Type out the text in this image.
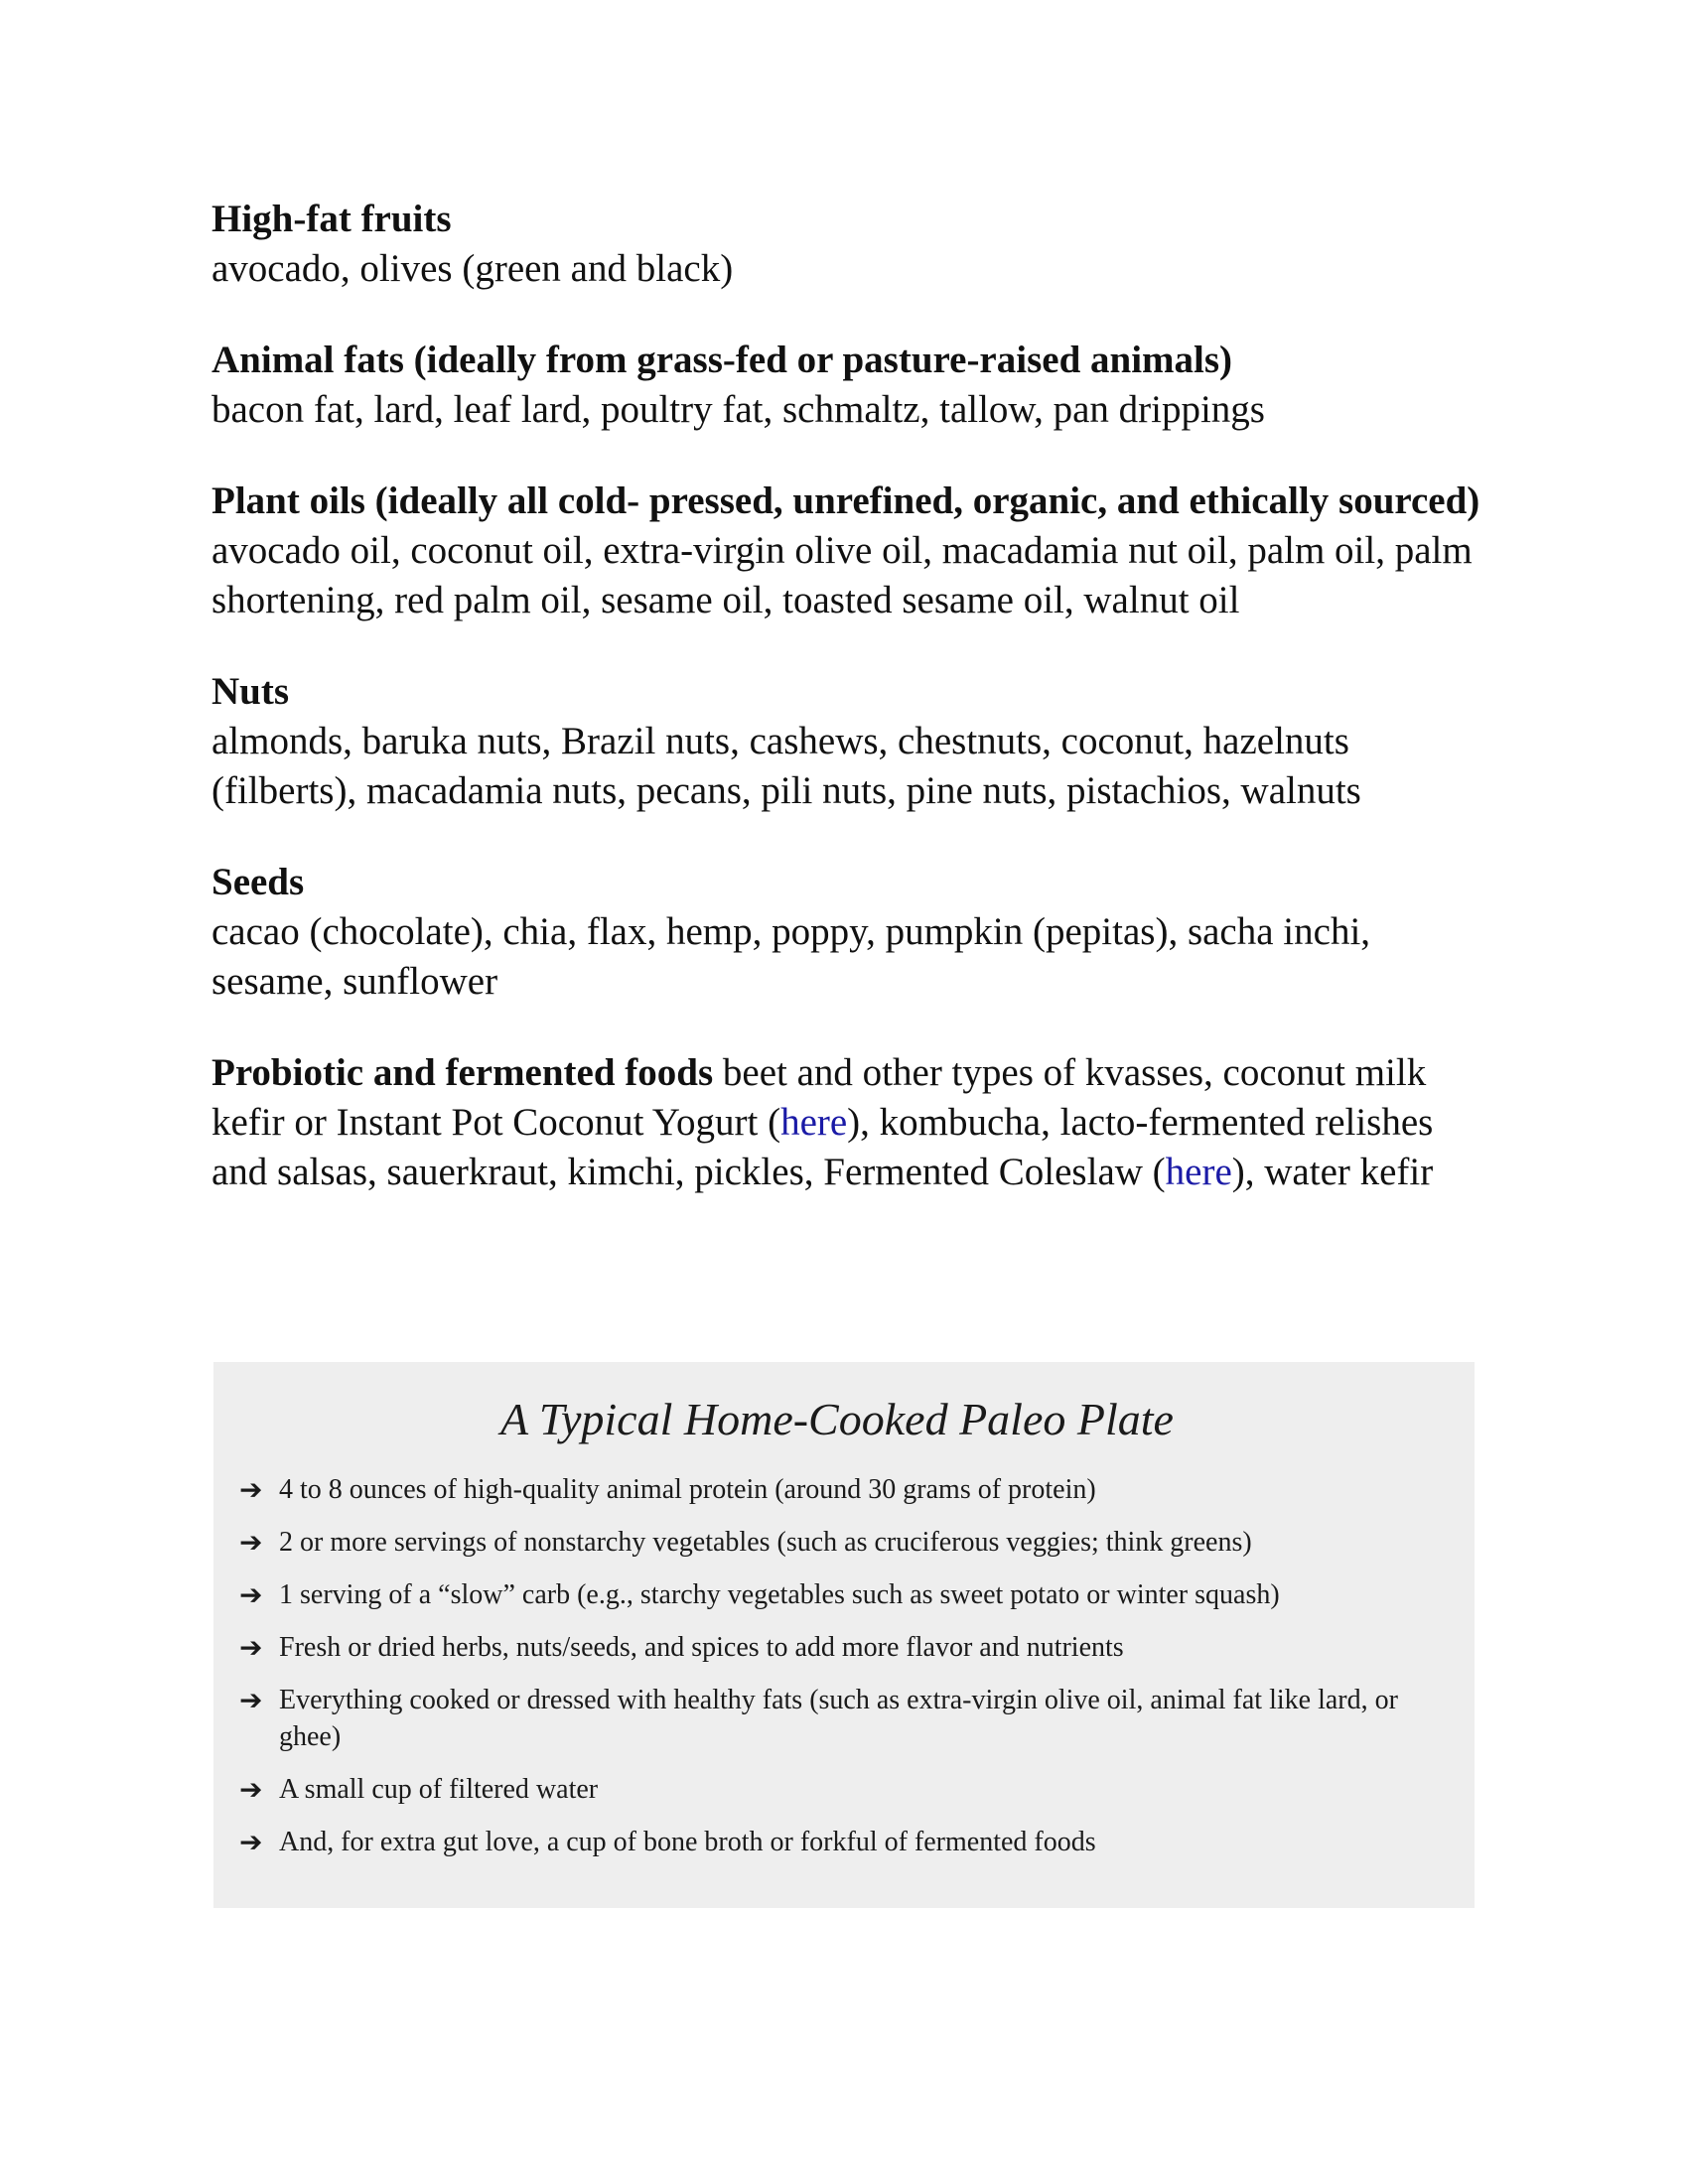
High-fat fruits
avocado, olives (green and black)
Animal fats (ideally from grass-fed or pasture-raised animals)
bacon fat, lard, leaf lard, poultry fat, schmaltz, tallow, pan drippings
Plant oils (ideally all cold- pressed, unrefined, organic, and ethically sourced)
avocado oil, coconut oil, extra-virgin olive oil, macadamia nut oil, palm oil, palm shortening, red palm oil, sesame oil, toasted sesame oil, walnut oil
Nuts
almonds, baruka nuts, Brazil nuts, cashews, chestnuts, coconut, hazelnuts (filberts), macadamia nuts, pecans, pili nuts, pine nuts, pistachios, walnuts
Seeds
cacao (chocolate), chia, flax, hemp, poppy, pumpkin (pepitas), sacha inchi, sesame, sunflower
Probiotic and fermented foods beet and other types of kvasses, coconut milk kefir or Instant Pot Coconut Yogurt (here), kombucha, lacto-fermented relishes and salsas, sauerkraut, kimchi, pickles, Fermented Coleslaw (here), water kefir
A Typical Home-Cooked Paleo Plate
➔ 4 to 8 ounces of high-quality animal protein (around 30 grams of protein)
➔ 2 or more servings of nonstarchy vegetables (such as cruciferous veggies; think greens)
➔ 1 serving of a “slow” carb (e.g., starchy vegetables such as sweet potato or winter squash)
➔ Fresh or dried herbs, nuts/seeds, and spices to add more flavor and nutrients
➔ Everything cooked or dressed with healthy fats (such as extra-virgin olive oil, animal fat like lard, or ghee)
➔ A small cup of filtered water
➔ And, for extra gut love, a cup of bone broth or forkful of fermented foods
